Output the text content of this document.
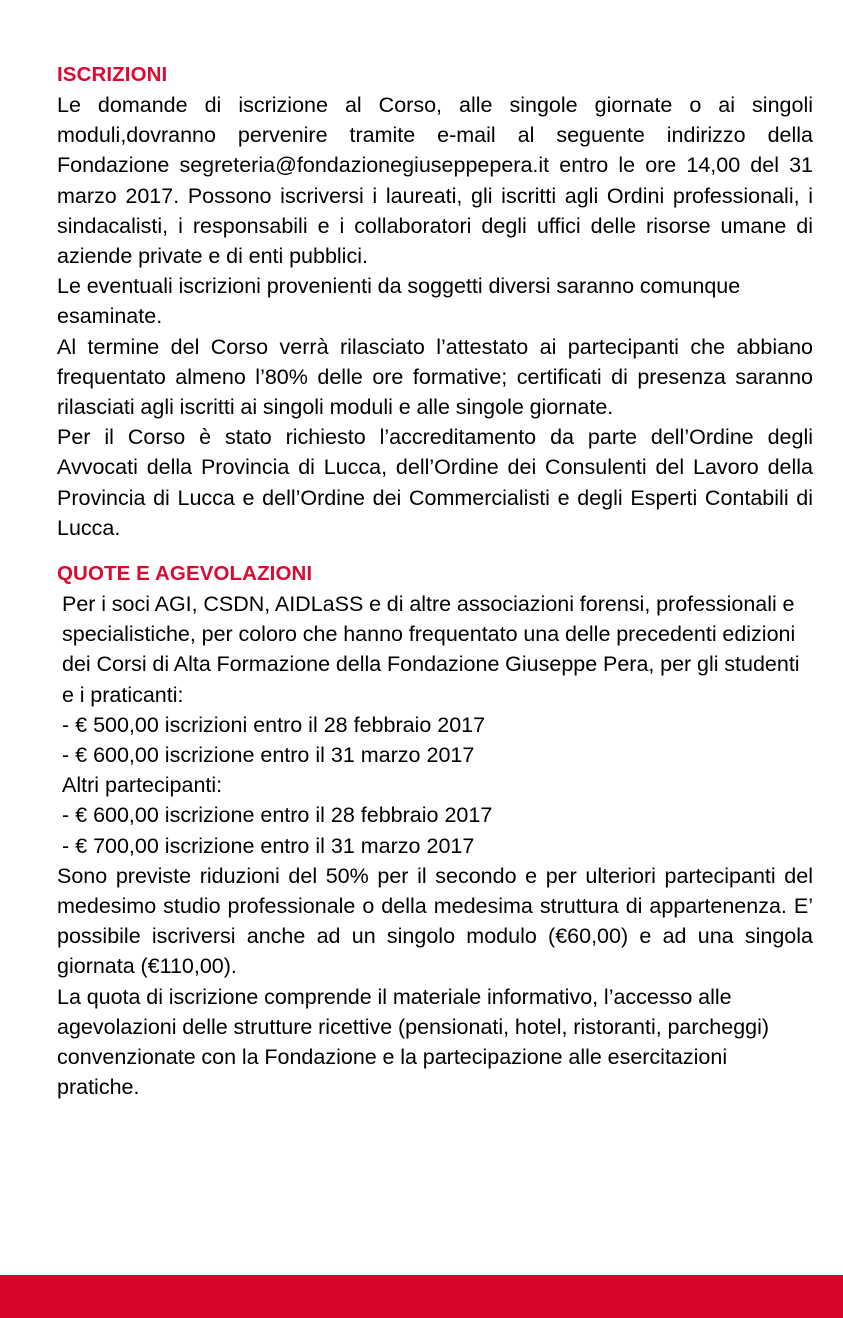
ISCRIZIONI

Le domande di iscrizione al Corso, alle singole giornate o ai singoli moduli,dovranno pervenire tramite e-mail al seguente indirizzo della Fondazione segreteria@fondazionegiuseppepera.it entro le ore 14,00 del 31 marzo 2017. Possono iscriversi i laureati, gli iscritti agli Ordini professionali, i sindacalisti, i responsabili e i collaboratori degli uffici delle risorse umane di aziende private e di enti pubblici.

Le eventuali iscrizioni provenienti da soggetti diversi saranno comunque esaminate.

Al termine del Corso verrà rilasciato l’attestato ai partecipanti che abbiano frequentato almeno l’80% delle ore formative; certificati di presenza saranno rilasciati agli iscritti ai singoli moduli e alle singole giornate.

Per il Corso è stato richiesto l’accreditamento da parte dell’Ordine degli Avvocati della Provincia di Lucca, dell’Ordine dei Consulenti del Lavoro della Provincia di Lucca e dell’Ordine dei Commercialisti e degli Esperti Contabili di Lucca.

QUOTE E AGEVOLAZIONI

Per i soci AGI, CSDN, AIDLaSS e di altre associazioni forensi, professionali e specialistiche, per coloro che hanno frequentato una delle precedenti edizioni dei Corsi di Alta Formazione della Fondazione Giuseppe Pera, per gli studenti e i praticanti:

- € 500,00 iscrizioni entro il 28 febbraio 2017
- € 600,00 iscrizione entro il 31 marzo 2017
Altri partecipanti:
- € 600,00 iscrizione entro il 28 febbraio 2017
- € 700,00 iscrizione entro il 31 marzo 2017

Sono previste riduzioni del 50% per il secondo e per ulteriori partecipanti del medesimo studio professionale o della medesima struttura di appartenenza. E’ possibile iscriversi anche ad un singolo modulo (€60,00) e ad una singola giornata (€110,00).

La quota di iscrizione comprende il materiale informativo, l’accesso alle agevolazioni delle strutture ricettive (pensionati, hotel, ristoranti, parcheggi) convenzionate con la Fondazione e la partecipazione alle esercitazioni pratiche.
